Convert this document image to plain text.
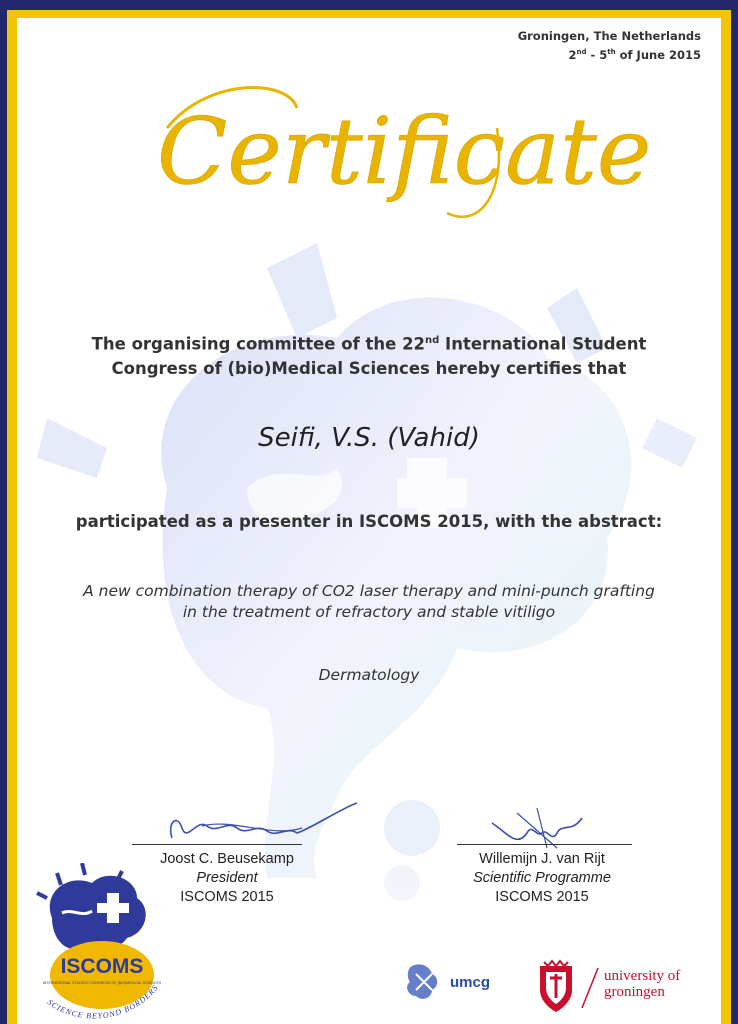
Groningen, The Netherlands
2nd - 5th of June 2015
Certificate
The organising committee of the 22nd International Student
Congress of (bio)Medical Sciences hereby certifies that
Seifi, V.S. (Vahid)
participated as a presenter in ISCOMS 2015, with the abstract:
A new combination therapy of CO2 laser therapy and mini-punch grafting
in the treatment of refractory and stable vitiligo
Dermatology
Joost C. Beusekamp
President
ISCOMS 2015
Willemijn J. van Rijt
Scientific Programme
ISCOMS 2015
ISCOMS
INTERNATIONAL STUDENT CONGRESS OF (BIO)MEDICAL SCIENCES
SCIENCE BEYOND BORDERS	umcg	university of
groningen
